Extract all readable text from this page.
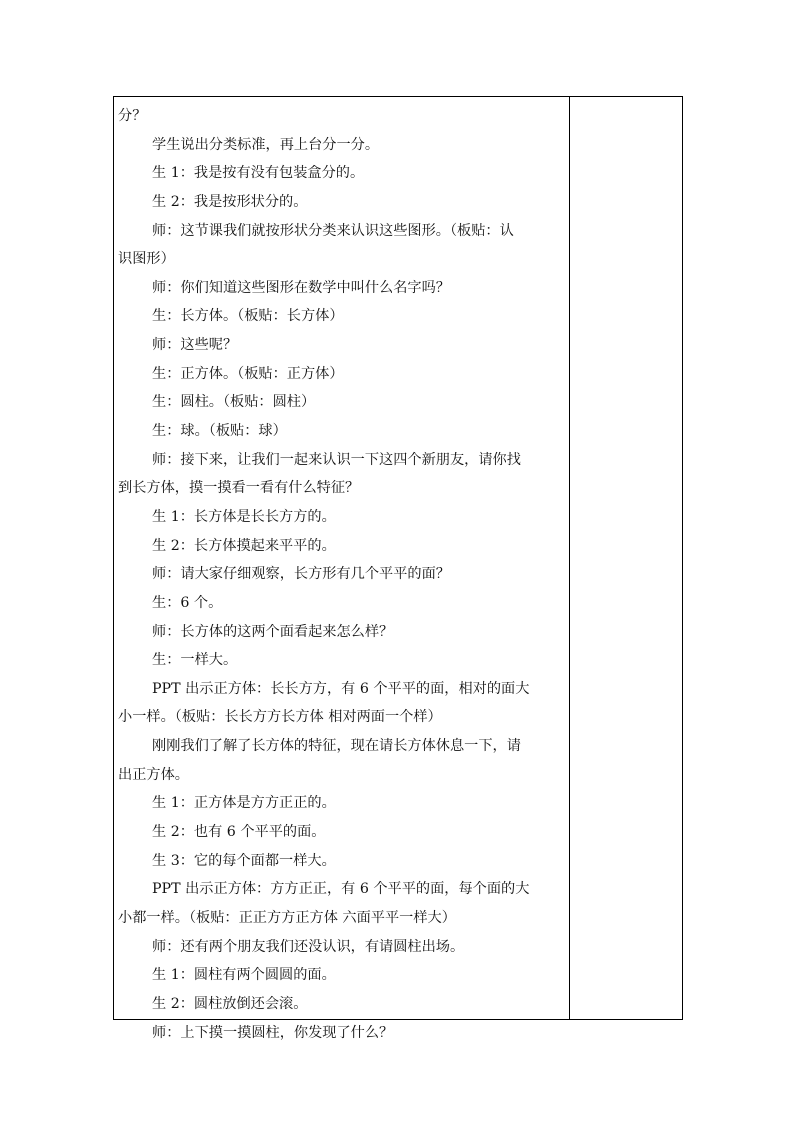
分？
学生说出分类标准，再上台分一分。
生 1：我是按有没有包装盒分的。
生 2：我是按形状分的。
师：这节课我们就按形状分类来认识这些图形。（板贴：认
识图形）
师：你们知道这些图形在数学中叫什么名字吗？
生：长方体。（板贴：长方体）
师：这些呢？
生：正方体。（板贴：正方体）
生：圆柱。（板贴：圆柱）
生：球。（板贴：球）
师：接下来，让我们一起来认识一下这四个新朋友，请你找
到长方体，摸一摸看一看有什么特征？
生 1：长方体是长长方方的。
生 2：长方体摸起来平平的。
师：请大家仔细观察，长方形有几个平平的面？
生：6 个。
师：长方体的这两个面看起来怎么样？
生：一样大。
PPT 出示正方体：长长方方，有 6 个平平的面，相对的面大
小一样。（板贴：长长方方长方体 相对两面一个样）
刚刚我们了解了长方体的特征，现在请长方体休息一下，请
出正方体。
生 1：正方体是方方正正的。
生 2：也有 6 个平平的面。
生 3：它的每个面都一样大。
PPT 出示正方体：方方正正，有 6 个平平的面，每个面的大
小都一样。（板贴：正正方方正方体 六面平平一样大）
师：还有两个朋友我们还没认识，有请圆柱出场。
生 1：圆柱有两个圆圆的面。
生 2：圆柱放倒还会滚。
师：上下摸一摸圆柱，你发现了什么？
